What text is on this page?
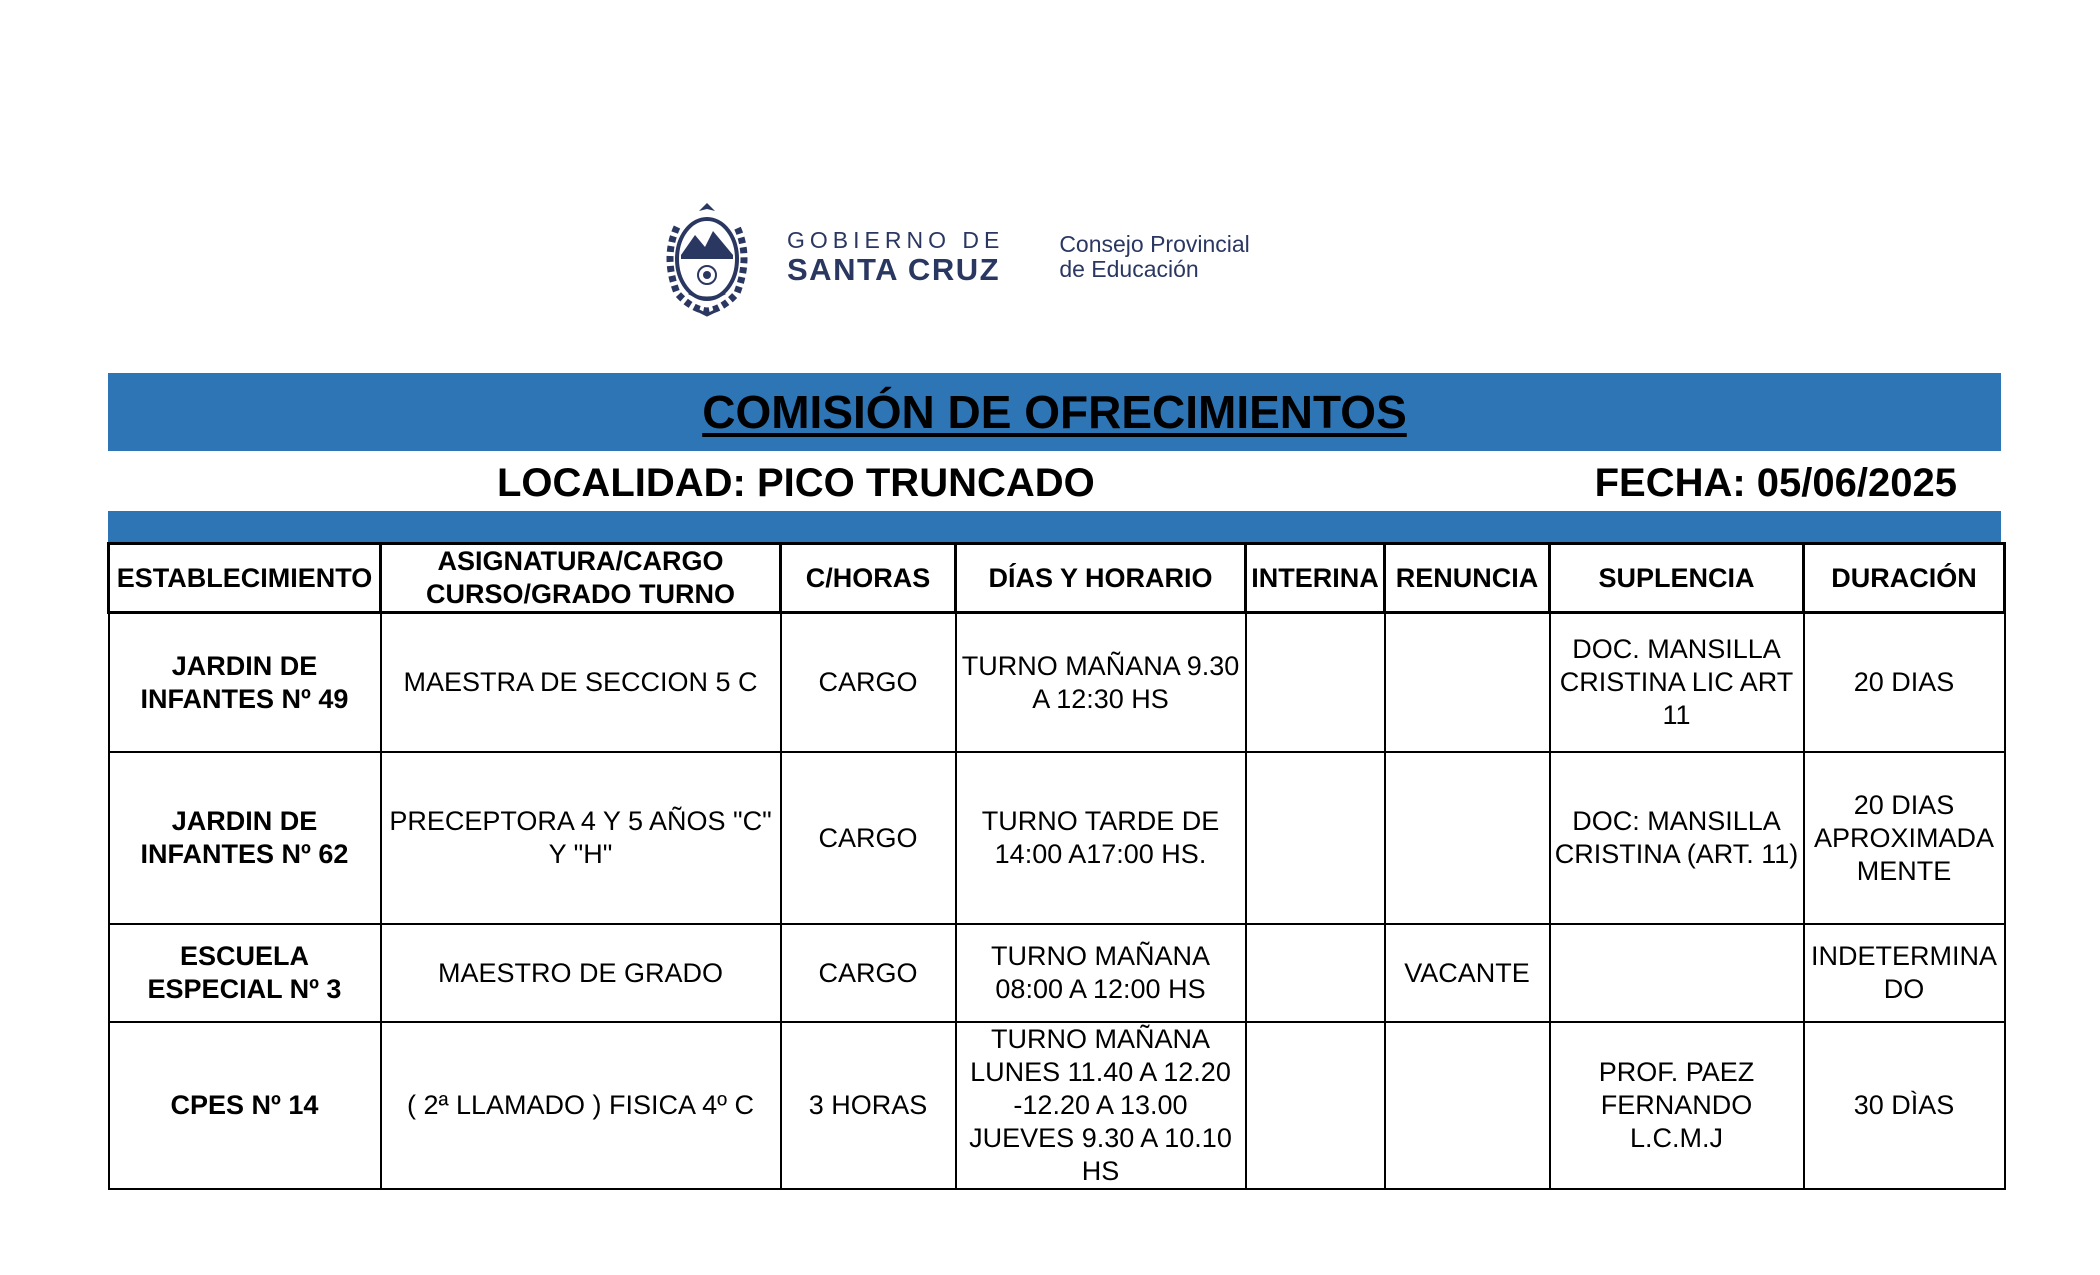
GOBIERNO DE
SANTA CRUZ
Consejo Provincial
de Educación
COMISIÓN DE OFRECIMIENTOS
LOCALIDAD: PICO TRUNCADO	FECHA: 05/06/2025
ESTABLECIMIENTO	ASIGNATURA/CARGO CURSO/GRADO TURNO	C/HORAS	DÍAS Y HORARIO	INTERINA	RENUNCIA	SUPLENCIA	DURACIÓN
JARDIN DE INFANTES Nº 49	MAESTRA DE SECCION 5 C	CARGO	TURNO MAÑANA 9.30 A 12:30 HS			DOC. MANSILLA CRISTINA LIC ART 11	20 DIAS
JARDIN DE INFANTES Nº 62	PRECEPTORA 4 Y 5 AÑOS "C" Y "H"	CARGO	TURNO TARDE DE 14:00 A17:00 HS.			DOC: MANSILLA CRISTINA (ART. 11)	20 DIAS APROXIMADA MENTE
ESCUELA ESPECIAL Nº 3	MAESTRO DE GRADO	CARGO	TURNO MAÑANA 08:00 A 12:00 HS		VACANTE		INDETERMINA DO
CPES Nº 14	( 2ª LLAMADO ) FISICA 4º C	3 HORAS	TURNO MAÑANA LUNES 11.40 A 12.20 -12.20 A 13.00 JUEVES 9.30 A 10.10 HS			PROF. PAEZ FERNANDO L.C.M.J	30 DÌAS
